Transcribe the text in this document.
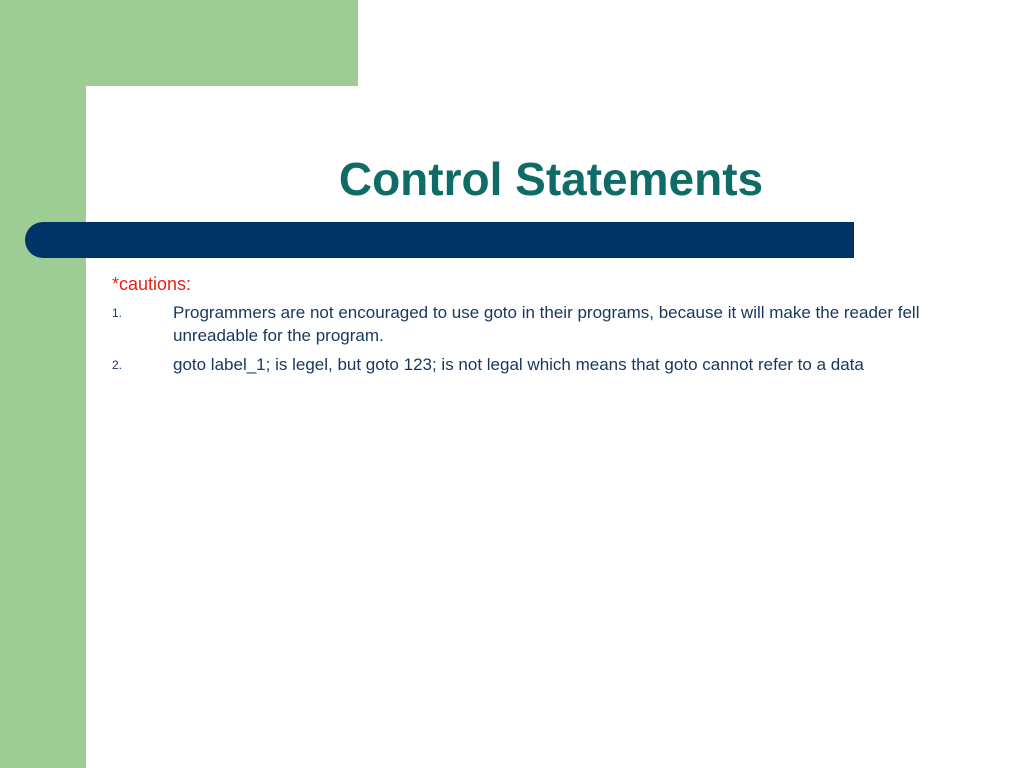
Control Statements

*cautions:

1.	Programmers are not encouraged to use goto in their programs, because it will make the reader fell unreadable for the program.
2.	goto label_1; is legel, but goto 123; is not legal which means that goto cannot refer to a data
